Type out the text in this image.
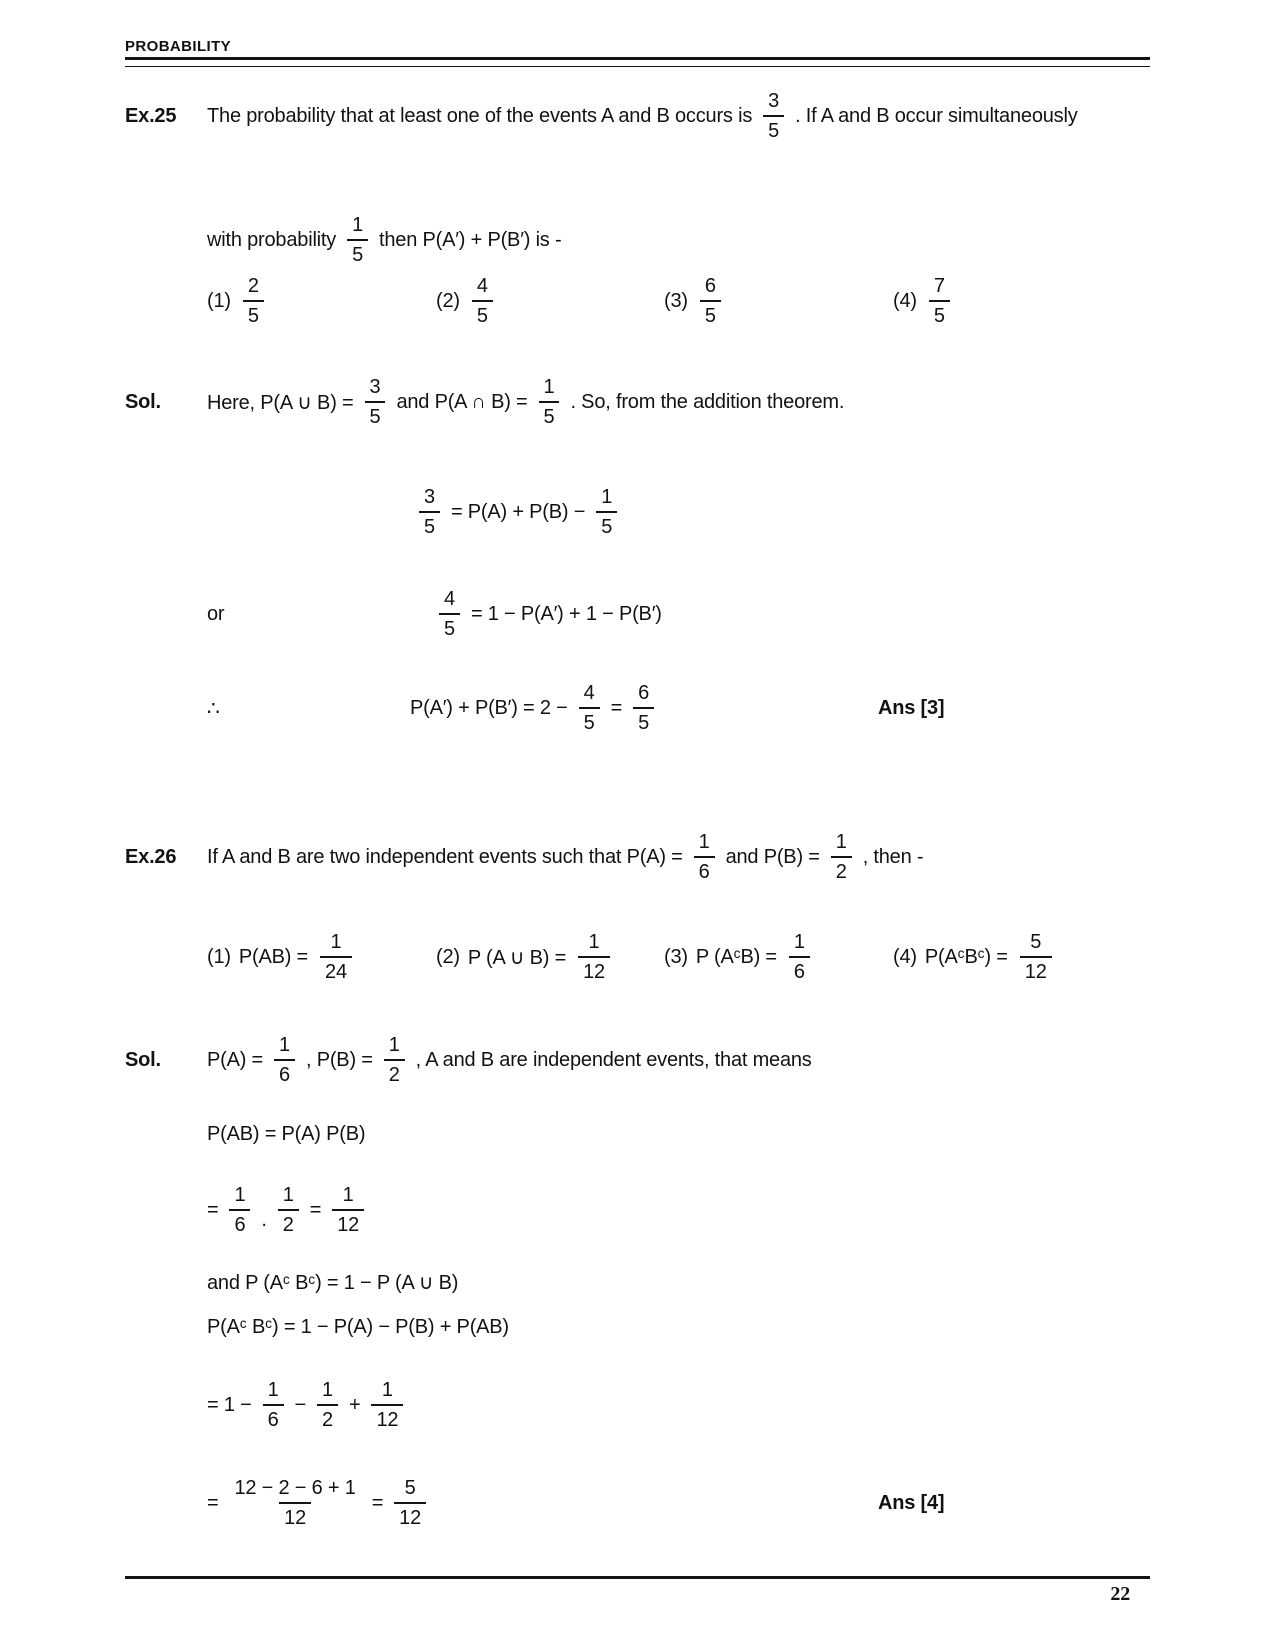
PROBABILITY
Ex.25	The probability that at least one of the events A and B occurs is $\frac{3}{5}$ . If A and B occur simultaneously
with probability $\frac{1}{5}$ then P(A′) + P(B′) is -
$(1) \frac{2}{5}$	$(2) \frac{4}{5}$	$(3) \frac{6}{5}$	$(4) \frac{7}{5}$
Sol.	Here, P(A ∪ $B) = \frac{3}{5}$ and P(A ∩ $B) = \frac{1}{5}$ . So, from the addition theorem.
$\frac{3}{5} = P(A) + P(B) - \frac{1}{5}$
or	$\frac{4}{5} = 1 - P(A') + 1 - P(B')$
∴	$P(A') + P(B') = 2 - \frac{4}{5} = \frac{6}{5}$	Ans [3]
Ex.26	If A and B are two independent events such that $P(A) = \frac{1}{6}$ and $P(B) = \frac{1}{2}$ , then -
(1) $P(AB) = \frac{1}{24}$	(2) P (A ∪ $B) = \frac{1}{12}$	(3) P (AᶜB) = $\frac{1}{6}$	(4) P(AᶜBᶜ) = $\frac{5}{12}$
Sol.	$P(A) = \frac{1}{6}$ , $P(B) = \frac{1}{2}$ , A and B are independent events, that means
P(AB) = P(A) P(B)
= $\frac{1}{6}$ . $\frac{1}{2} = \frac{1}{12}$
and P (Aᶜ Bᶜ) = 1 − P (A ∪ B)
P(Aᶜ Bᶜ) = 1 − P(A) − P(B) + P(AB)
= $1 - \frac{1}{6} - \frac{1}{2} + \frac{1}{12}$
= $\frac{12 - 2 - 6 + 1}{12} = \frac{5}{12}$	Ans [4]
22
